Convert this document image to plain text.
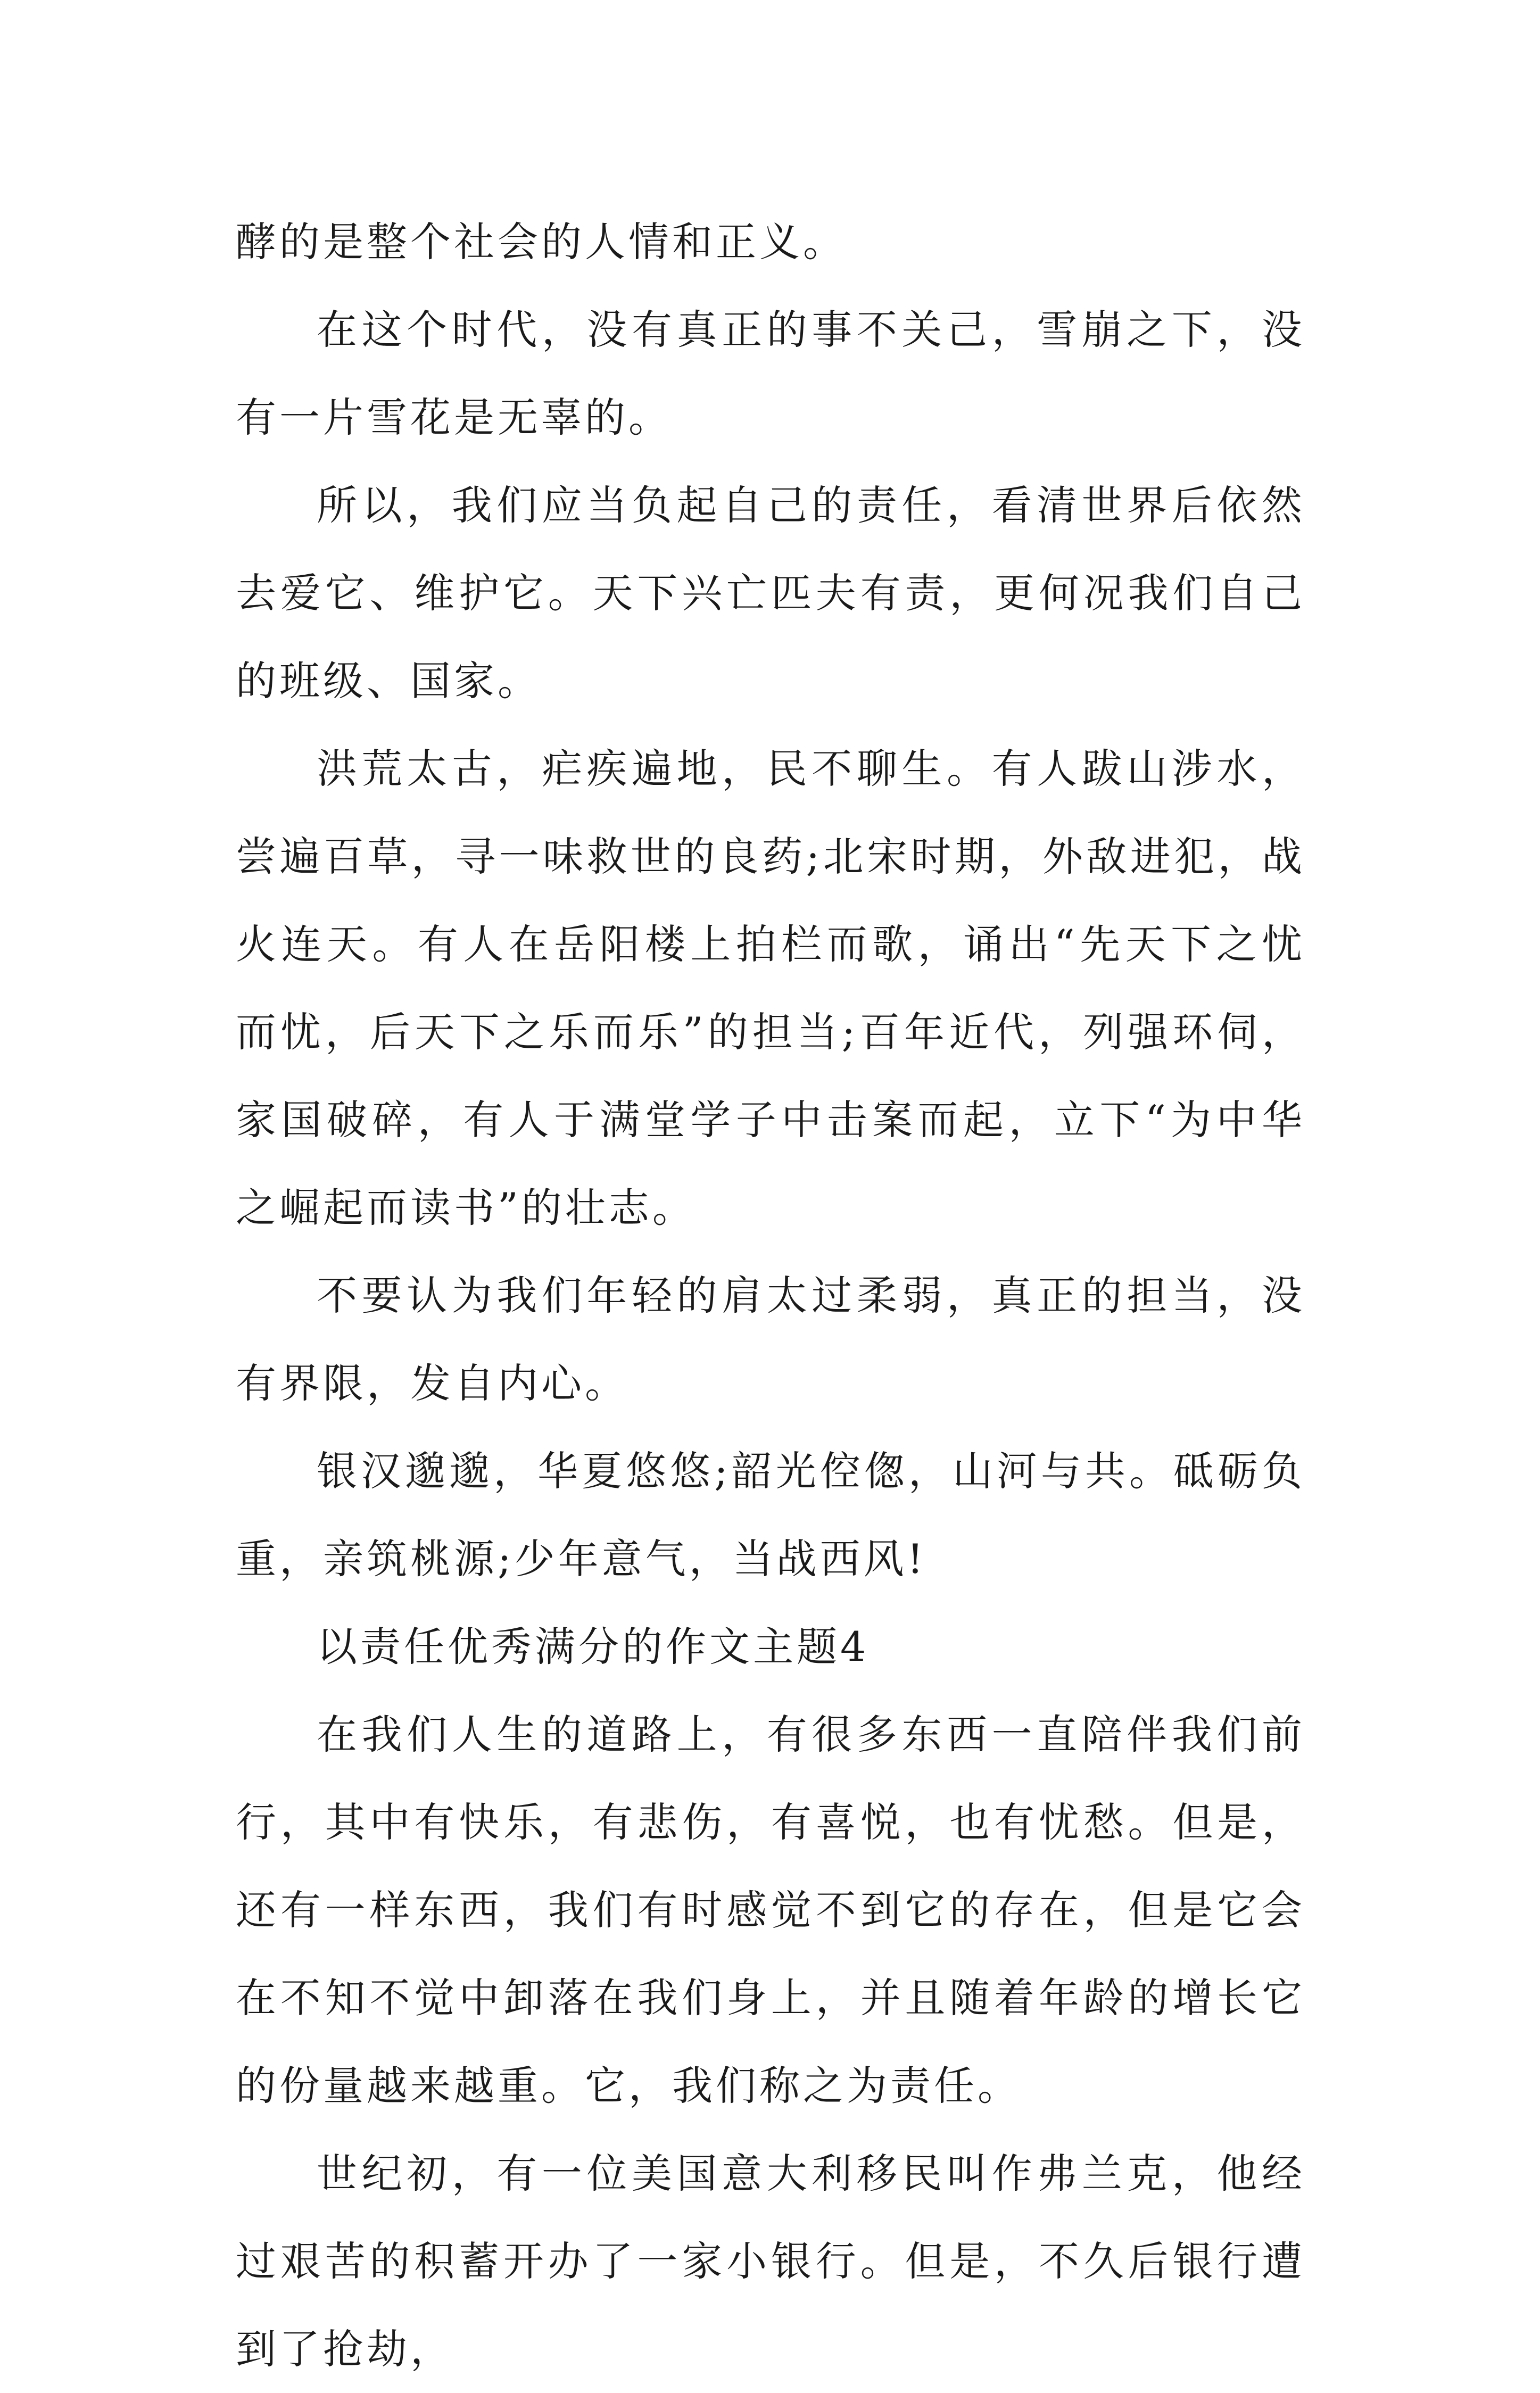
酵的是整个社会的人情和正义。

在这个时代，没有真正的事不关己，雪崩之下，没有一片雪花是无辜的。

所以，我们应当负起自己的责任，看清世界后依然去爱它、维护它。天下兴亡匹夫有责，更何况我们自己的班级、国家。

洪荒太古，疟疾遍地，民不聊生。有人跋山涉水，尝遍百草，寻一味救世的良药;北宋时期，外敌进犯，战火连天。有人在岳阳楼上拍栏而歌，诵出“先天下之忧而忧，后天下之乐而乐”的担当;百年近代，列强环伺，家国破碎，有人于满堂学子中击案而起，立下“为中华之崛起而读书”的壮志。

不要认为我们年轻的肩太过柔弱，真正的担当，没有界限，发自内心。

银汉邈邈，华夏悠悠;韶光倥偬，山河与共。砥砺负重，亲筑桃源;少年意气，当战西风!

以责任优秀满分的作文主题4

在我们人生的道路上，有很多东西一直陪伴我们前行，其中有快乐，有悲伤，有喜悦，也有忧愁。但是，还有一样东西，我们有时感觉不到它的存在，但是它会在不知不觉中卸落在我们身上，并且随着年龄的增长它的份量越来越重。它，我们称之为责任。

世纪初，有一位美国意大利移民叫作弗兰克，他经过艰苦的积蓄开办了一家小银行。但是，不久后银行遭到了抢劫，
